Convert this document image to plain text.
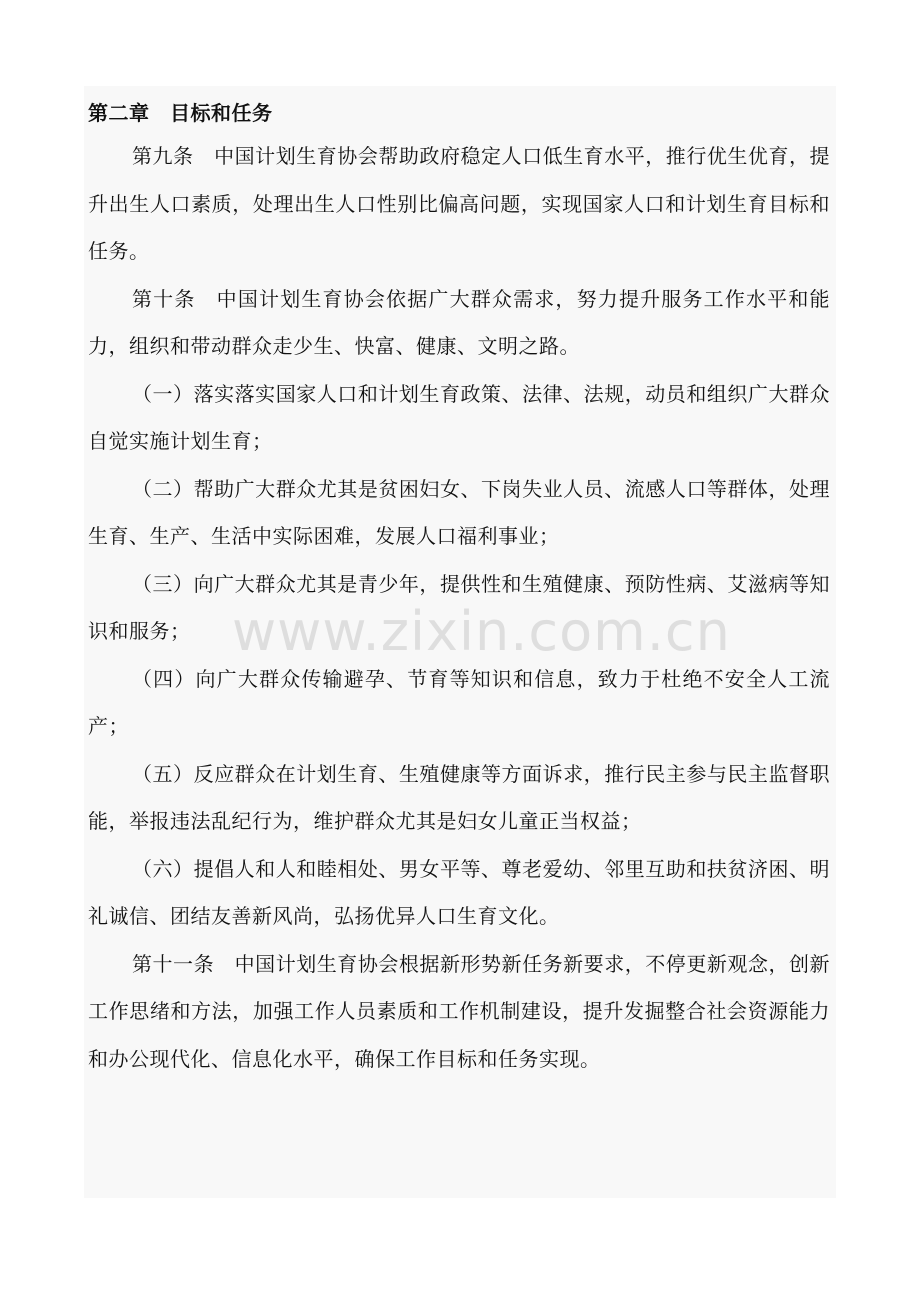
第二章　目标和任务

第九条　中国计划生育协会帮助政府稳定人口低生育水平，推行优生优育，提升出生人口素质，处理出生人口性别比偏高问题，实现国家人口和计划生育目标和任务。

第十条　中国计划生育协会依据广大群众需求，努力提升服务工作水平和能力，组织和带动群众走少生、快富、健康、文明之路。

（一）落实落实国家人口和计划生育政策、法律、法规，动员和组织广大群众自觉实施计划生育；

（二）帮助广大群众尤其是贫困妇女、下岗失业人员、流感人口等群体，处理生育、生产、生活中实际困难，发展人口福利事业；

（三）向广大群众尤其是青少年，提供性和生殖健康、预防性病、艾滋病等知识和服务；

（四）向广大群众传输避孕、节育等知识和信息，致力于杜绝不安全人工流产；

（五）反应群众在计划生育、生殖健康等方面诉求，推行民主参与民主监督职能，举报违法乱纪行为，维护群众尤其是妇女儿童正当权益；

（六）提倡人和人和睦相处、男女平等、尊老爱幼、邻里互助和扶贫济困、明礼诚信、团结友善新风尚，弘扬优异人口生育文化。

第十一条　中国计划生育协会根据新形势新任务新要求，不停更新观念，创新工作思绪和方法，加强工作人员素质和工作机制建设，提升发掘整合社会资源能力和办公现代化、信息化水平，确保工作目标和任务实现。

www.zixin.com.cn
